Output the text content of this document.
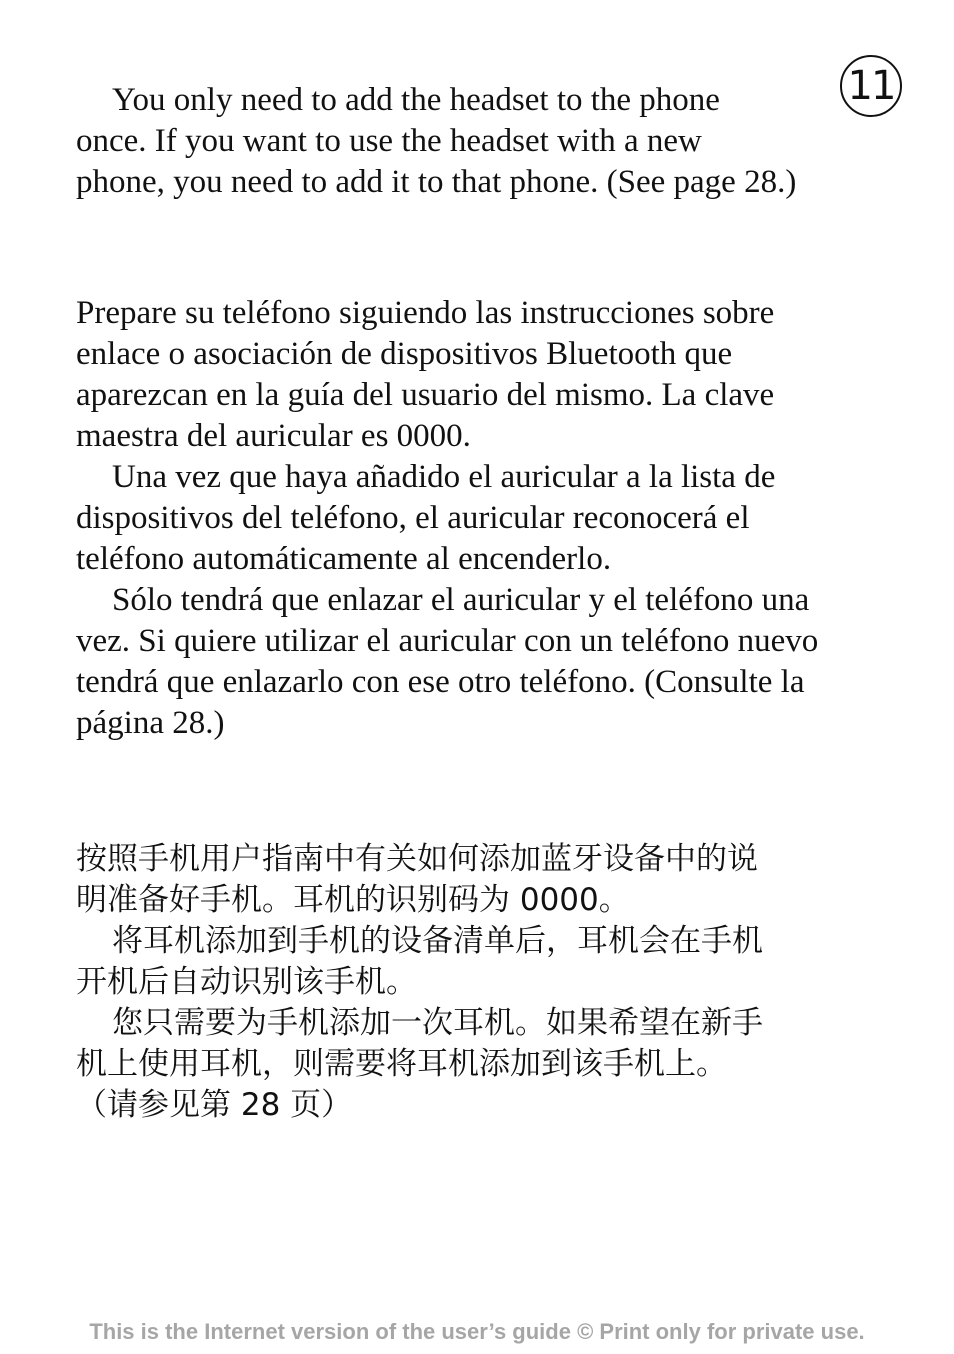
11

You only need to add the headset to the phone
once. If you want to use the headset with a new
phone, you need to add it to that phone. (See page 28.)

Prepare su teléfono siguiendo las instrucciones sobre
enlace o asociación de dispositivos Bluetooth que
aparezcan en la guía del usuario del mismo. La clave
maestra del auricular es 0000.

Una vez que haya añadido el auricular a la lista de
dispositivos del teléfono, el auricular reconocerá el
teléfono automáticamente al encenderlo.

Sólo tendrá que enlazar el auricular y el teléfono una
vez. Si quiere utilizar el auricular con un teléfono nuevo
tendrá que enlazarlo con ese otro teléfono. (Consulte la
página 28.)

按照手机用户指南中有关如何添加蓝牙设备中的说
明准备好手机。耳机的识别码为 0000。

将耳机添加到手机的设备清单后，耳机会在手机
开机后自动识别该手机。

您只需要为手机添加一次耳机。如果希望在新手
机上使用耳机，则需要将耳机添加到该手机上。
（请参见第 28 页）

This is the Internet version of the user’s guide © Print only for private use.
